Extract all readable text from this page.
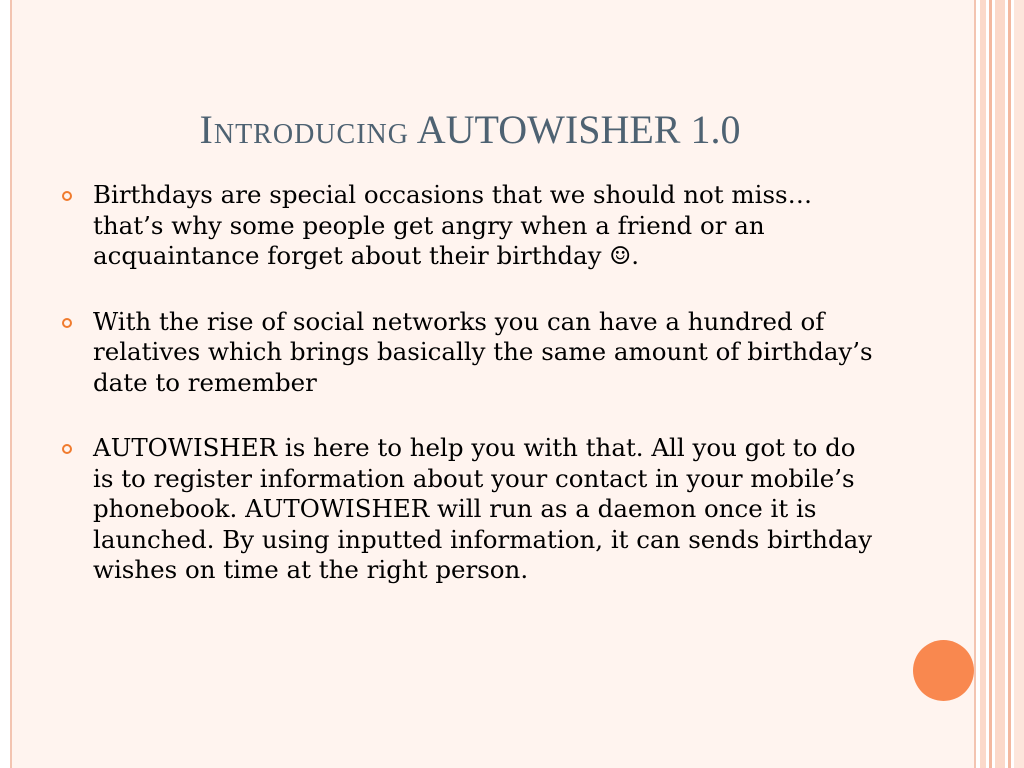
Introducing AUTOWISHER 1.0
Birthdays are special occasions that we should not miss…that’s why some people get angry when a friend or an acquaintance forget about their birthday ☺.
With the rise of social networks you can have a hundred of relatives which brings basically the same amount of birthday’s date to remember
AUTOWISHER is here to help you with that. All you got to do is to register information about your contact in your mobile’s phonebook. AUTOWISHER will run as a daemon once it is launched. By using inputted information, it can sends birthday wishes on time at the right person.
